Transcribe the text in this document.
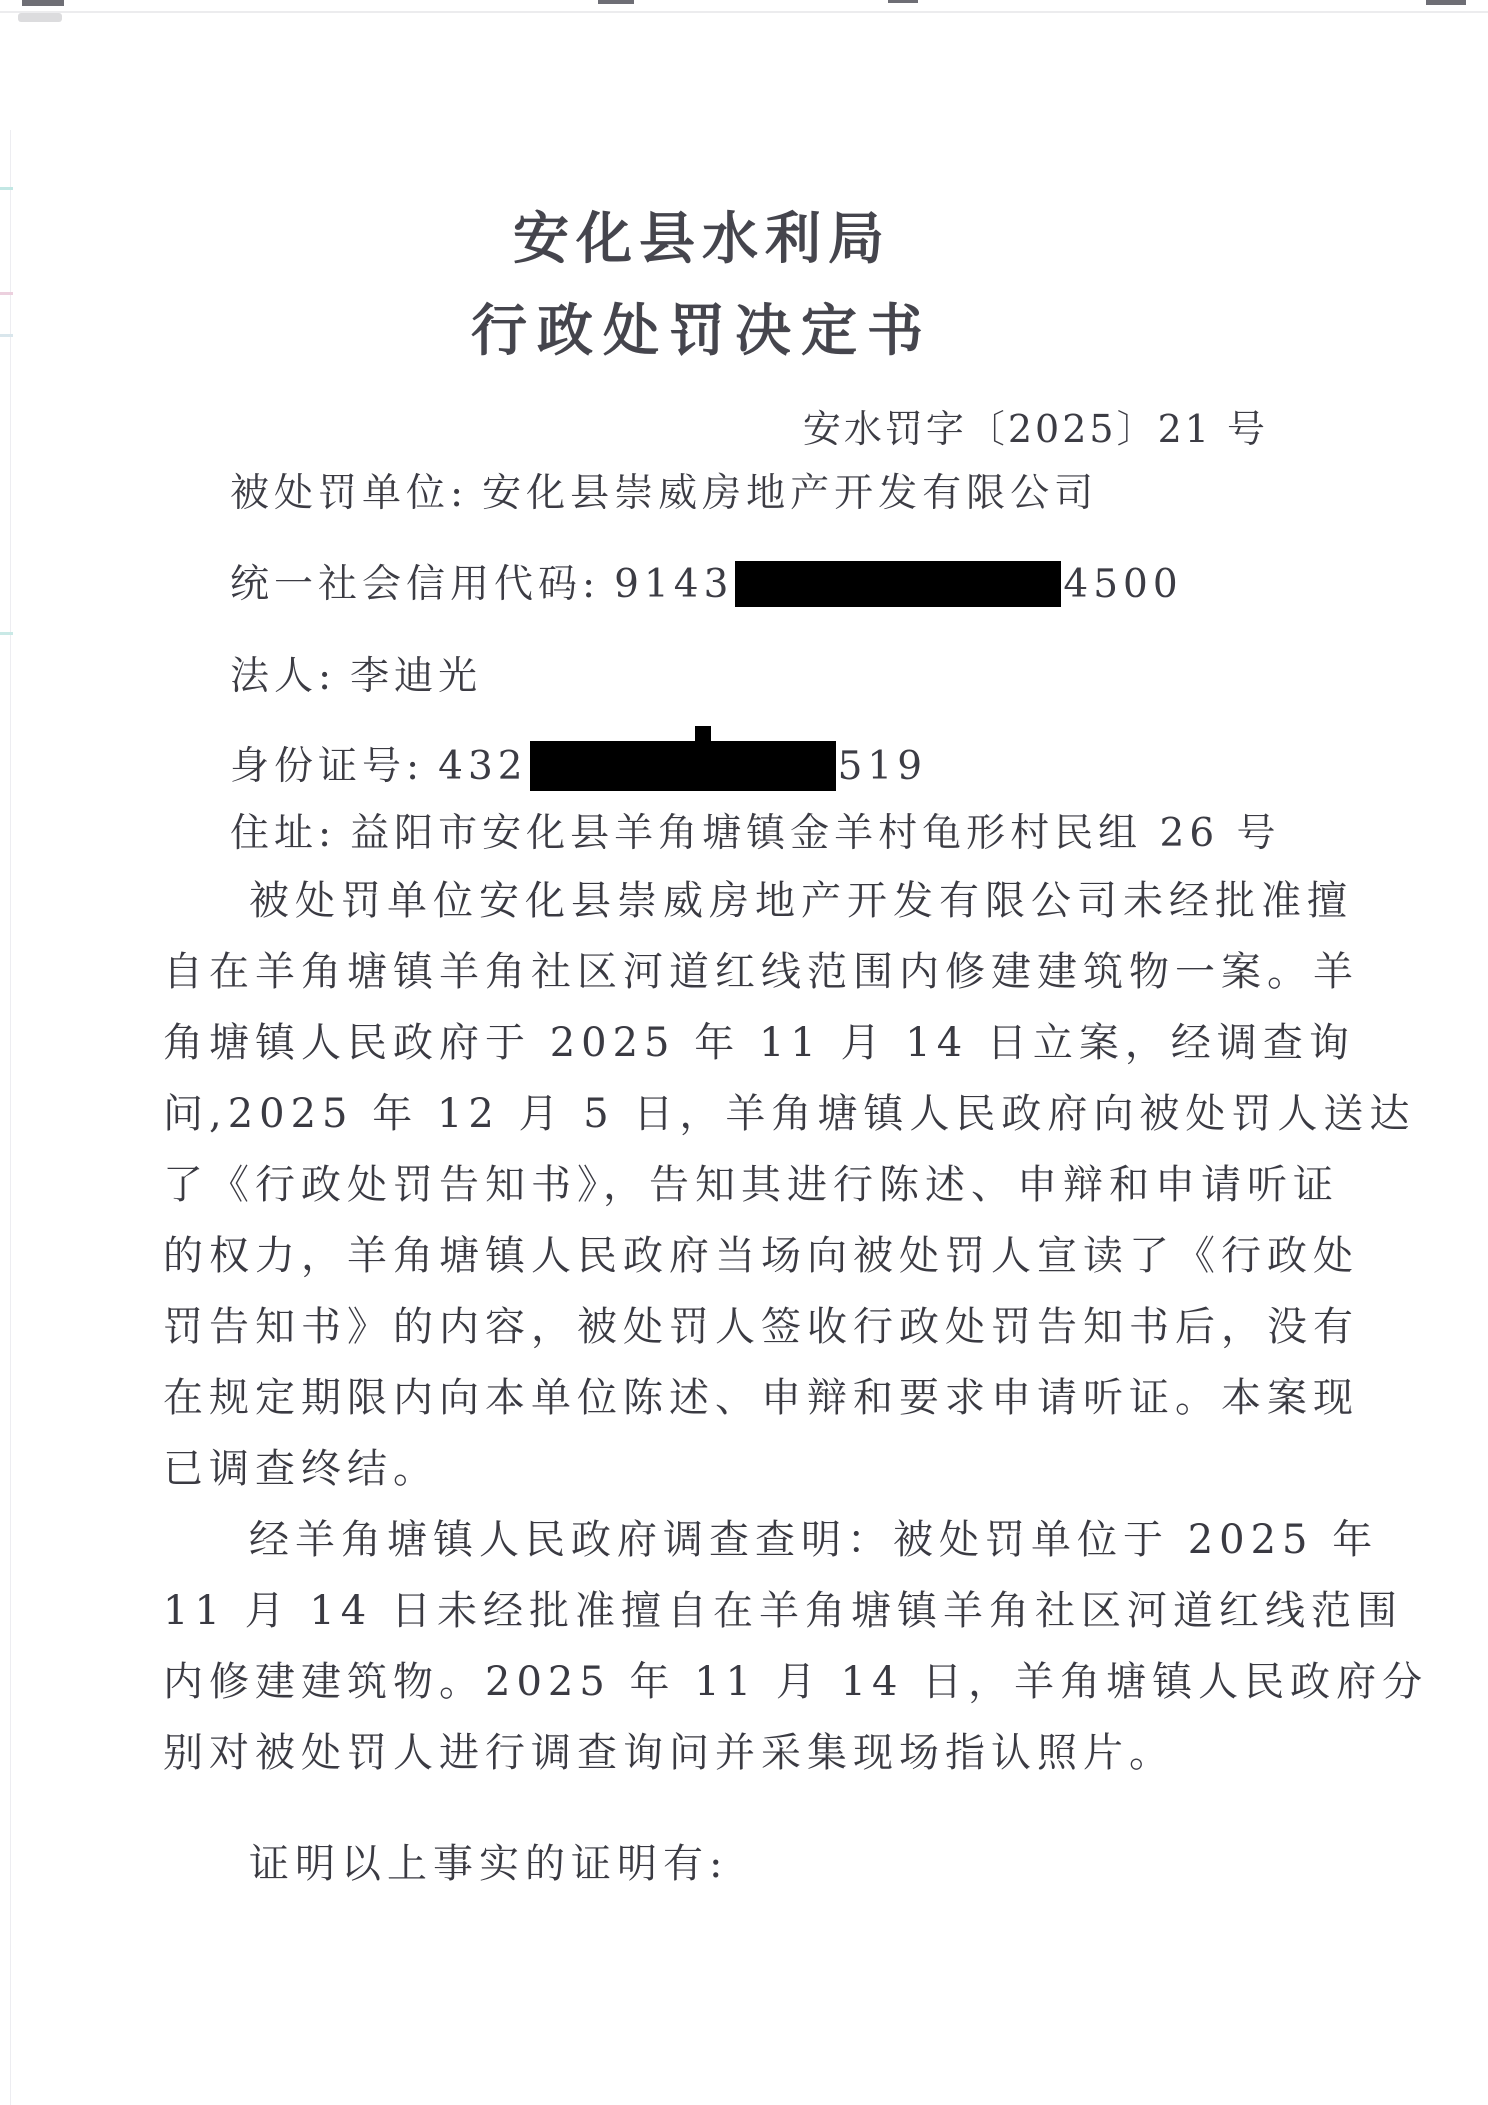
安化县水利局
行政处罚决定书
安水罚字〔2025〕21 号
被处罚单位: 安化县崇威房地产开发有限公司
统一社会信用代码: 9143	4500
法人: 李迪光
身份证号: 432	519
住址: 益阳市安化县羊角塘镇金羊村龟形村民组 26 号
被处罚单位安化县崇威房地产开发有限公司未经批准擅
自在羊角塘镇羊角社区河道红线范围内修建建筑物一案。羊
角塘镇人民政府于 2025 年 11 月 14 日立案，经调查询
问,2025 年 12 月 5 日，羊角塘镇人民政府向被处罚人送达
了《行政处罚告知书》，告知其进行陈述、申辩和申请听证
的权力，羊角塘镇人民政府当场向被处罚人宣读了《行政处
罚告知书》的内容，被处罚人签收行政处罚告知书后，没有
在规定期限内向本单位陈述、申辩和要求申请听证。本案现
已调查终结。
经羊角塘镇人民政府调查查明：被处罚单位于 2025 年
11 月 14 日未经批准擅自在羊角塘镇羊角社区河道红线范围
内修建建筑物。2025 年 11 月 14 日，羊角塘镇人民政府分
别对被处罚人进行调查询问并采集现场指认照片。
证明以上事实的证明有:
